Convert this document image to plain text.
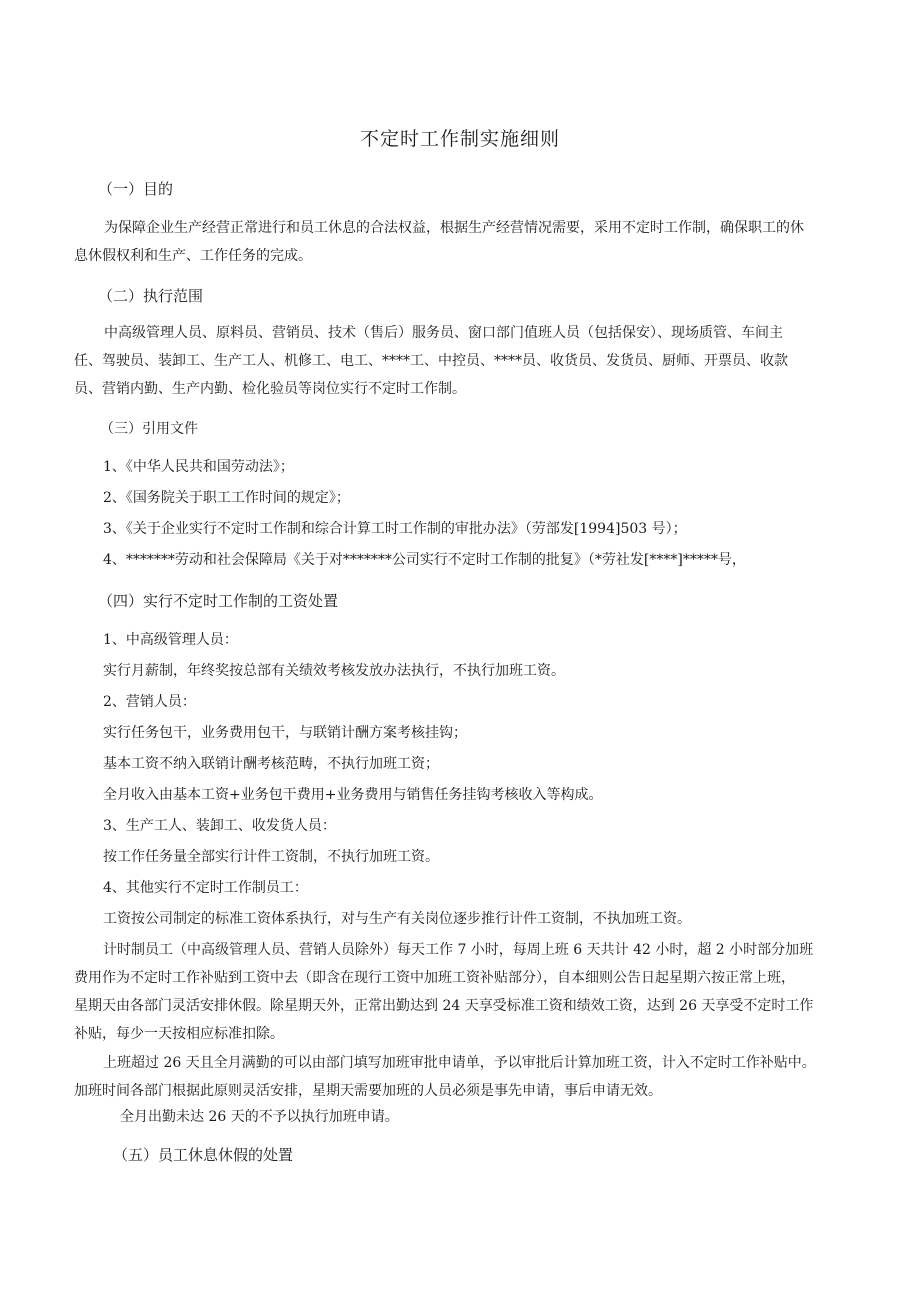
不定时工作制实施细则
（一）目的
为保障企业生产经营正常进行和员工休息的合法权益，根据生产经营情况需要，采用不定时工作制，确保职工的休
息休假权利和生产、工作任务的完成。
（二）执行范围
中高级管理人员、原料员、营销员、技术（售后）服务员、窗口部门值班人员（包括保安）、现场质管、车间主
任、驾驶员、装卸工、生产工人、机修工、电工、****工、中控员、****员、收货员、发货员、厨师、开票员、收款
员、营销内勤、生产内勤、检化验员等岗位实行不定时工作制。
（三）引用文件
1、《中华人民共和国劳动法》；
2、《国务院关于职工工作时间的规定》；
3、《关于企业实行不定时工作制和综合计算工时工作制的审批办法》（劳部发[1994]503 号）；
4、*******劳动和社会保障局《关于对*******公司实行不定时工作制的批复》（*劳社发[****]*****号，
（四）实行不定时工作制的工资处置
1、中高级管理人员：
实行月薪制，年终奖按总部有关绩效考核发放办法执行，不执行加班工资。
2、营销人员：
实行任务包干，业务费用包干，与联销计酬方案考核挂钩；
基本工资不纳入联销计酬考核范畴，不执行加班工资；
全月收入由基本工资+业务包干费用+业务费用与销售任务挂钩考核收入等构成。
3、生产工人、装卸工、收发货人员：
按工作任务量全部实行计件工资制，不执行加班工资。
4、其他实行不定时工作制员工：
工资按公司制定的标准工资体系执行，对与生产有关岗位逐步推行计件工资制，不执加班工资。
计时制员工（中高级管理人员、营销人员除外）每天工作 7 小时，每周上班 6 天共计 42 小时，超 2 小时部分加班
费用作为不定时工作补贴到工资中去（即含在现行工资中加班工资补贴部分），自本细则公告日起星期六按正常上班，
星期天由各部门灵活安排休假。除星期天外，正常出勤达到 24 天享受标准工资和绩效工资，达到 26 天享受不定时工作
补贴，每少一天按相应标准扣除。
上班超过 26 天且全月满勤的可以由部门填写加班审批申请单，予以审批后计算加班工资，计入不定时工作补贴中。
加班时间各部门根据此原则灵活安排，星期天需要加班的人员必须是事先申请，事后申请无效。
全月出勤未达 26 天的不予以执行加班申请。
（五）员工休息休假的处置
